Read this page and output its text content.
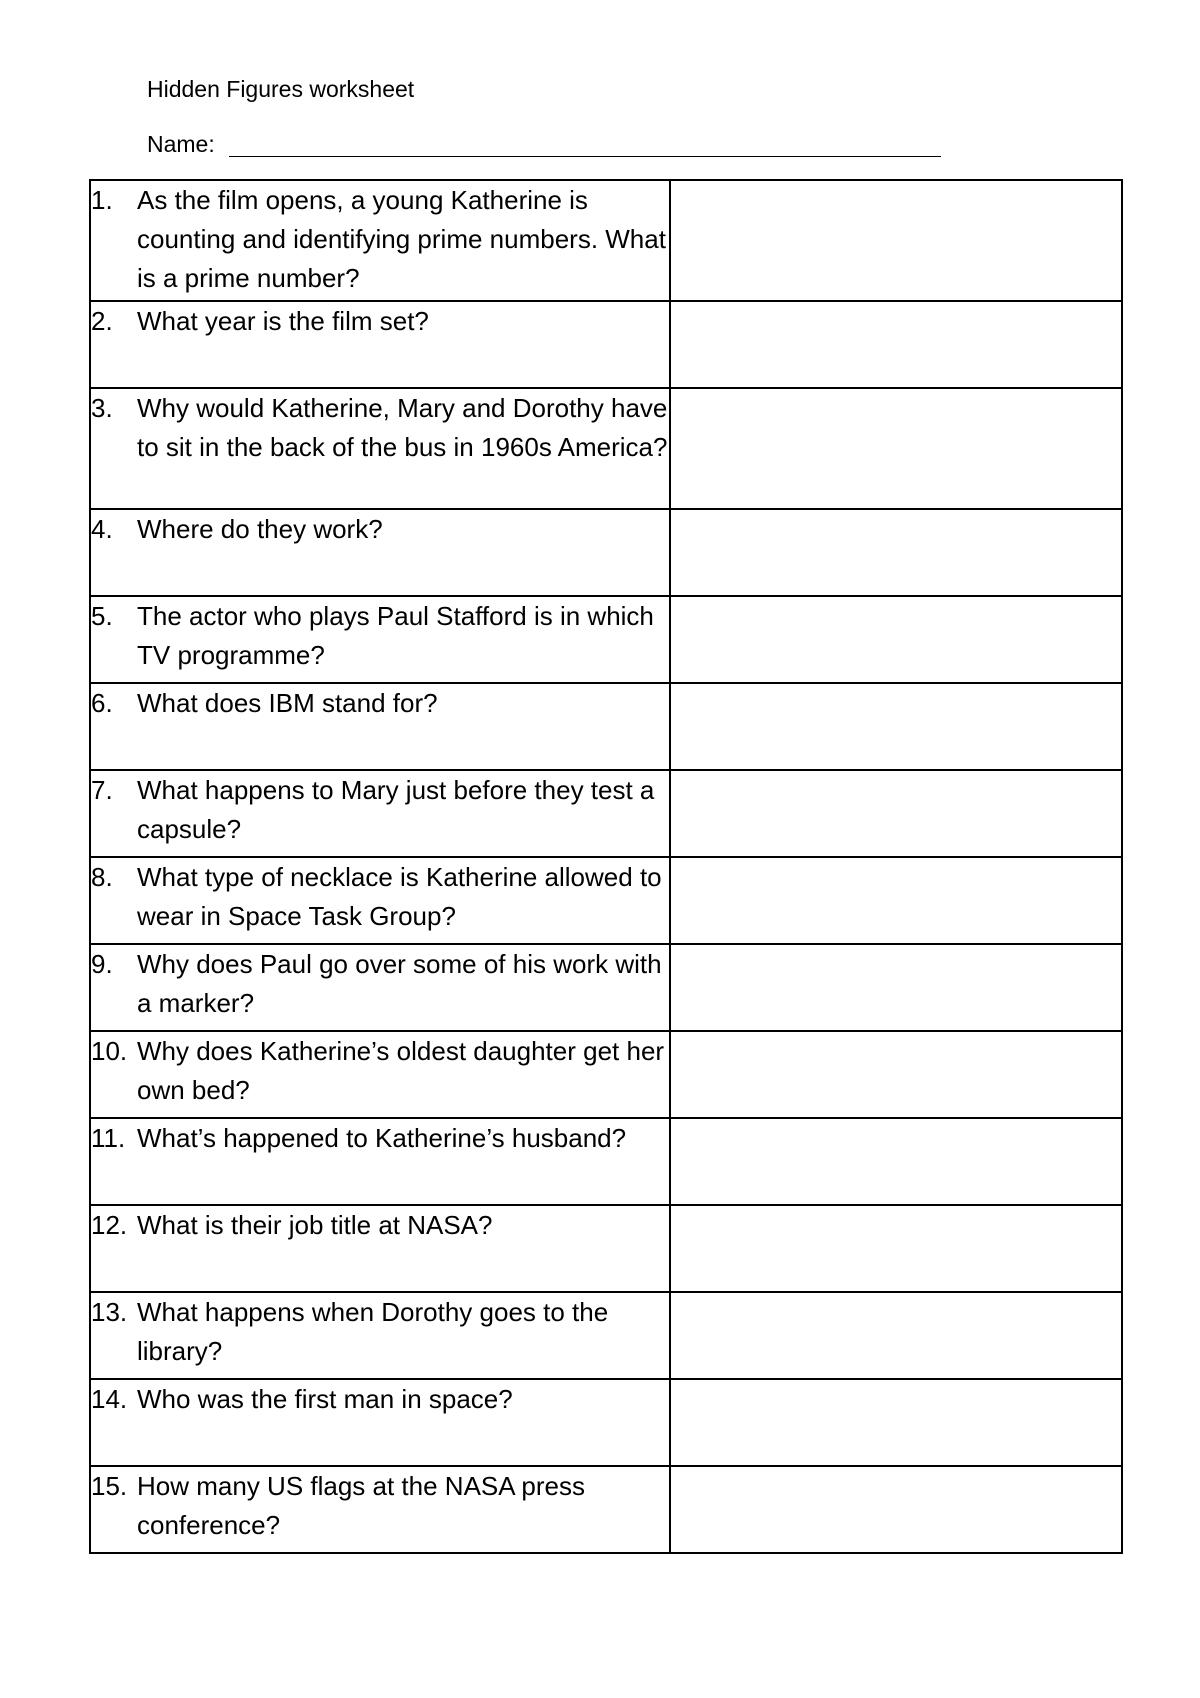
Hidden Figures worksheet
Name:
1. As the film opens, a young Katherine is counting and identifying prime numbers. What is a prime number?	

2. What year is the film set?	

3. Why would Katherine, Mary and Dorothy have to sit in the back of the bus in 1960s America?	

4. Where do they work?	

5. The actor who plays Paul Stafford is in which TV programme?	

6. What does IBM stand for?	

7. What happens to Mary just before they test a capsule?	

8. What type of necklace is Katherine allowed to wear in Space Task Group?	

9. Why does Paul go over some of his work with a marker?	

10. Why does Katherine’s oldest daughter get her own bed?	

11. What’s happened to Katherine’s husband?	

12. What is their job title at NASA?	

13. What happens when Dorothy goes to the library?	

14. Who was the first man in space?	

15. How many US flags at the NASA press conference?	
